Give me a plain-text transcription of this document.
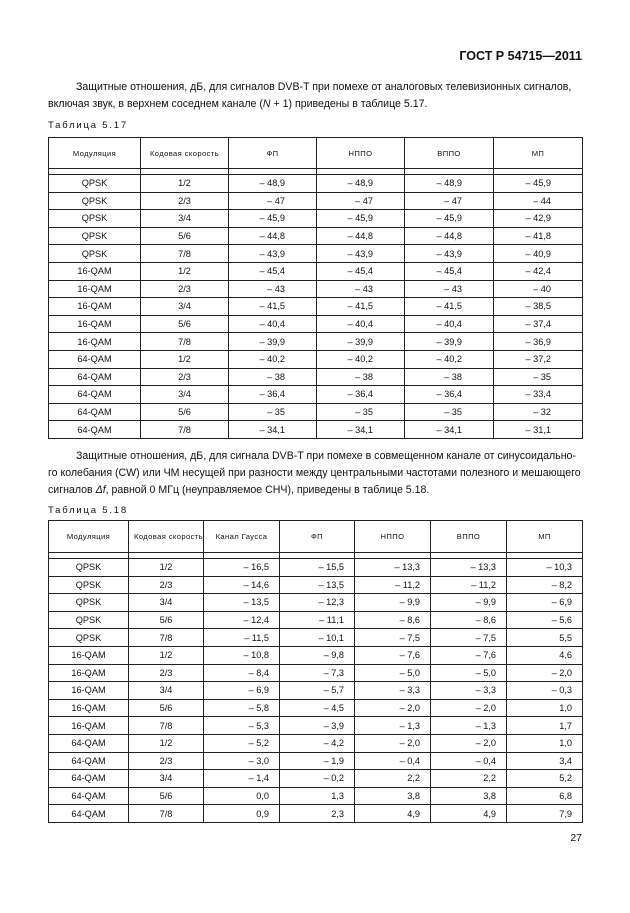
ГОСТ Р 54715—2011
Защитные отношения, дБ, для сигналов DVB-T при помехе от аналоговых телевизионных сигналов,
включая звук, в верхнем соседнем канале (N + 1) приведены в таблице 5.17.
Таблица 5.17
Модуляция	Кодовая скорость	ФП	НППО	ВППО	МП

QPSK	1/2	– 48,9	– 48,9	– 48,9	– 45,9
QPSK	2/3	– 47	– 47	– 47	– 44
QPSK	3/4	– 45,9	– 45,9	– 45,9	– 42,9
QPSK	5/6	– 44,8	– 44,8	– 44,8	– 41,8
QPSK	7/8	– 43,9	– 43,9	– 43,9	– 40,9
16-QAM	1/2	– 45,4	– 45,4	– 45,4	– 42,4
16-QAM	2/3	– 43	– 43	– 43	– 40
16-QAM	3/4	– 41,5	– 41,5	– 41,5	– 38,5
16-QAM	5/6	– 40,4	– 40,4	– 40,4	– 37,4
16-QAM	7/8	– 39,9	– 39,9	– 39,9	– 36,9
64-QAM	1/2	– 40,2	– 40,2	– 40,2	– 37,2
64-QAM	2/3	– 38	– 38	– 38	– 35
64-QAM	3/4	– 36,4	– 36,4	– 36,4	– 33,4
64-QAM	5/6	– 35	– 35	– 35	– 32
64-QAM	7/8	– 34,1	– 34,1	– 34,1	– 31,1
Защитные отношения, дБ, для сигнала DVB-T при помехе в совмещенном канале от синусоидально-
го колебания (CW) или ЧМ несущей при разности между центральными частотами полезного и мешающего
сигналов Δf, равной 0 МГц (неуправляемое СНЧ), приведены в таблице 5.18.
Таблица 5.18
Модуляция	Кодовая скорость	Канал Гаусса	ФП	НППО	ВППО	МП

QPSK	1/2	– 16,5	– 15,5	– 13,3	– 13,3	– 10,3
QPSK	2/3	– 14,6	– 13,5	– 11,2	– 11,2	– 8,2
QPSK	3/4	– 13,5	– 12,3	– 9,9	– 9,9	– 6,9
QPSK	5/6	– 12,4	– 11,1	– 8,6	– 8,6	– 5,6
QPSK	7/8	– 11,5	– 10,1	– 7,5	– 7,5	5,5
16-QAM	1/2	– 10,8	– 9,8	– 7,6	– 7,6	4,6
16-QAM	2/3	– 8,4	– 7,3	– 5,0	– 5,0	– 2,0
16-QAM	3/4	– 6,9	– 5,7	– 3,3	– 3,3	– 0,3
16-QAM	5/6	– 5,8	– 4,5	– 2,0	– 2,0	1,0
16-QAM	7/8	– 5,3	– 3,9	– 1,3	– 1,3	1,7
64-QAM	1/2	– 5,2	– 4,2	– 2,0	– 2,0	1,0
64-QAM	2/3	– 3,0	– 1,9	– 0,4	– 0,4	3,4
64-QAM	3/4	– 1,4	– 0,2	2,2	2,2	5,2
64-QAM	5/6	0,0	1,3	3,8	3,8	6,8
64-QAM	7/8	0,9	2,3	4,9	4,9	7,9
27
